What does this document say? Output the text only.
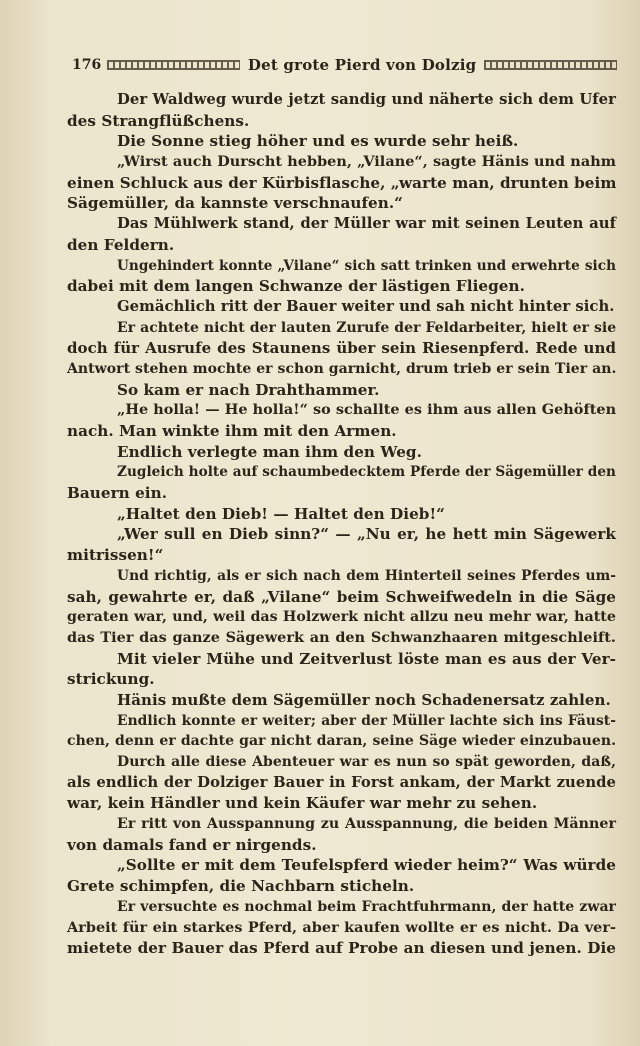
176	Det grote Pierd von Dolzig
Der Waldweg wurde jetzt sandig und näherte sich dem Ufer
des Strangflüßchens.
Die Sonne stieg höher und es wurde sehr heiß.
„Wirst auch Durscht hebben, „Vilane“, sagte Hänis und nahm
einen Schluck aus der Kürbisflasche, „warte man, drunten beim
Sägemüller, da kannste verschnaufen.“
Das Mühlwerk stand, der Müller war mit seinen Leuten auf
den Feldern.
Ungehindert konnte „Vilane“ sich satt trinken und erwehrte sich
dabei mit dem langen Schwanze der lästigen Fliegen.
Gemächlich ritt der Bauer weiter und sah nicht hinter sich.
Er achtete nicht der lauten Zurufe der Feldarbeiter, hielt er sie
doch für Ausrufe des Staunens über sein Riesenpferd. Rede und
Antwort stehen mochte er schon garnicht, drum trieb er sein Tier an.
So kam er nach Drahthammer.
„He holla! — He holla!“ so schallte es ihm aus allen Gehöften
nach. Man winkte ihm mit den Armen.
Endlich verlegte man ihm den Weg.
Zugleich holte auf schaumbedecktem Pferde der Sägemüller den
Bauern ein.
„Haltet den Dieb! — Haltet den Dieb!“
„Wer sull en Dieb sinn?“ — „Nu er, he hett min Sägewerk
mitrissen!“
Und richtig, als er sich nach dem Hinterteil seines Pferdes um-
sah, gewahrte er, daß „Vilane“ beim Schweifwedeln in die Säge
geraten war, und, weil das Holzwerk nicht allzu neu mehr war, hatte
das Tier das ganze Sägewerk an den Schwanzhaaren mitgeschleift.
Mit vieler Mühe und Zeitverlust löste man es aus der Ver-
strickung.
Hänis mußte dem Sägemüller noch Schadenersatz zahlen.
Endlich konnte er weiter; aber der Müller lachte sich ins Fäust-
chen, denn er dachte gar nicht daran, seine Säge wieder einzubauen.
Durch alle diese Abenteuer war es nun so spät geworden, daß,
als endlich der Dolziger Bauer in Forst ankam, der Markt zuende
war, kein Händler und kein Käufer war mehr zu sehen.
Er ritt von Ausspannung zu Ausspannung, die beiden Männer
von damals fand er nirgends.
„Sollte er mit dem Teufelspferd wieder heim?“ Was würde
Grete schimpfen, die Nachbarn sticheln.
Er versuchte es nochmal beim Frachtfuhrmann, der hatte zwar
Arbeit für ein starkes Pferd, aber kaufen wollte er es nicht. Da ver-
mietete der Bauer das Pferd auf Probe an diesen und jenen. Die
